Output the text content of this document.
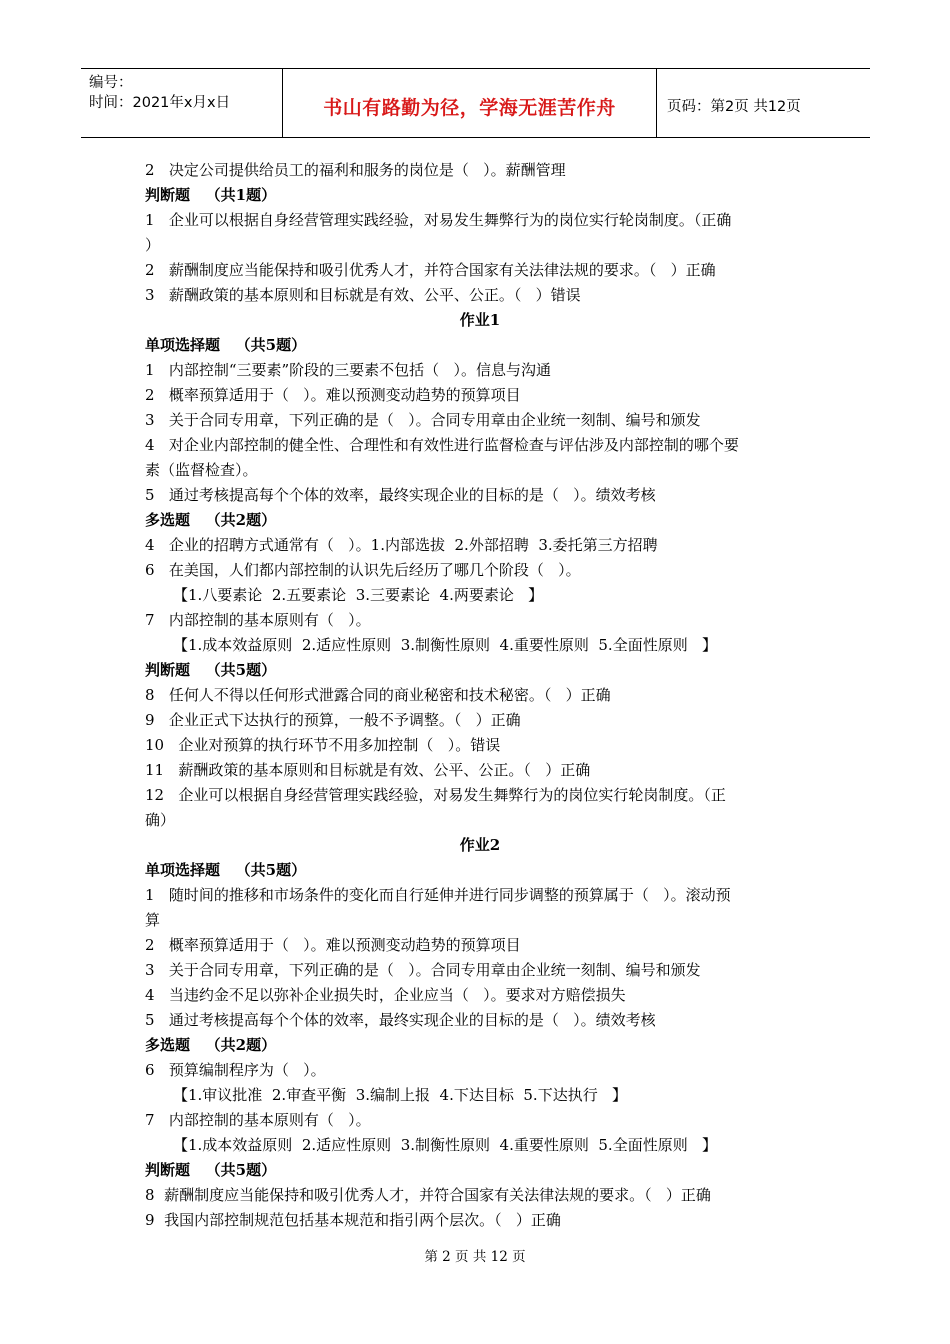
编号：
时间：2021年x月x日	书山有路勤为径，学海无涯苦作舟	页码：第2页 共12页
2   决定公司提供给员工的福利和服务的岗位是（   ）。薪酬管理
判断题   （共1题）
1   企业可以根据自身经营管理实践经验，对易发生舞弊行为的岗位实行轮岗制度。（正确
）
2   薪酬制度应当能保持和吸引优秀人才，并符合国家有关法律法规的要求。（   ）正确
3   薪酬政策的基本原则和目标就是有效、公平、公正。（   ）错误
作业1
单项选择题   （共5题）
1   内部控制“三要素”阶段的三要素不包括（   ）。信息与沟通
2   概率预算适用于（   ）。难以预测变动趋势的预算项目
3   关于合同专用章，下列正确的是（   ）。合同专用章由企业统一刻制、编号和颁发
4   对企业内部控制的健全性、合理性和有效性进行监督检查与评估涉及内部控制的哪个要
素（监督检查）。
5   通过考核提高每个个体的效率，最终实现企业的目标的是（   ）。绩效考核
多选题   （共2题）
4   企业的招聘方式通常有（   ）。1.内部选拔  2.外部招聘  3.委托第三方招聘
6   在美国，人们都内部控制的认识先后经历了哪几个阶段（   ）。
【1.八要素论  2.五要素论  3.三要素论  4.两要素论   】
7   内部控制的基本原则有（   ）。
【1.成本效益原则  2.适应性原则  3.制衡性原则  4.重要性原则  5.全面性原则   】
判断题   （共5题）
8   任何人不得以任何形式泄露合同的商业秘密和技术秘密。（   ）正确
9   企业正式下达执行的预算，一般不予调整。（   ）正确
10   企业对预算的执行环节不用多加控制（   ）。错误
11   薪酬政策的基本原则和目标就是有效、公平、公正。（   ）正确
12   企业可以根据自身经营管理实践经验，对易发生舞弊行为的岗位实行轮岗制度。（正
确）
作业2
单项选择题   （共5题）
1   随时间的推移和市场条件的变化而自行延伸并进行同步调整的预算属于（   ）。滚动预
算
2   概率预算适用于（   ）。难以预测变动趋势的预算项目
3   关于合同专用章，下列正确的是（   ）。合同专用章由企业统一刻制、编号和颁发
4   当违约金不足以弥补企业损失时，企业应当（   ）。要求对方赔偿损失
5   通过考核提高每个个体的效率，最终实现企业的目标的是（   ）。绩效考核
多选题   （共2题）
6   预算编制程序为（   ）。
【1.审议批准  2.审查平衡  3.编制上报  4.下达目标  5.下达执行   】
7   内部控制的基本原则有（   ）。
【1.成本效益原则  2.适应性原则  3.制衡性原则  4.重要性原则  5.全面性原则   】
判断题   （共5题）
8  薪酬制度应当能保持和吸引优秀人才，并符合国家有关法律法规的要求。（   ）正确
9  我国内部控制规范包括基本规范和指引两个层次。（   ）正确
第 2 页 共 12 页
